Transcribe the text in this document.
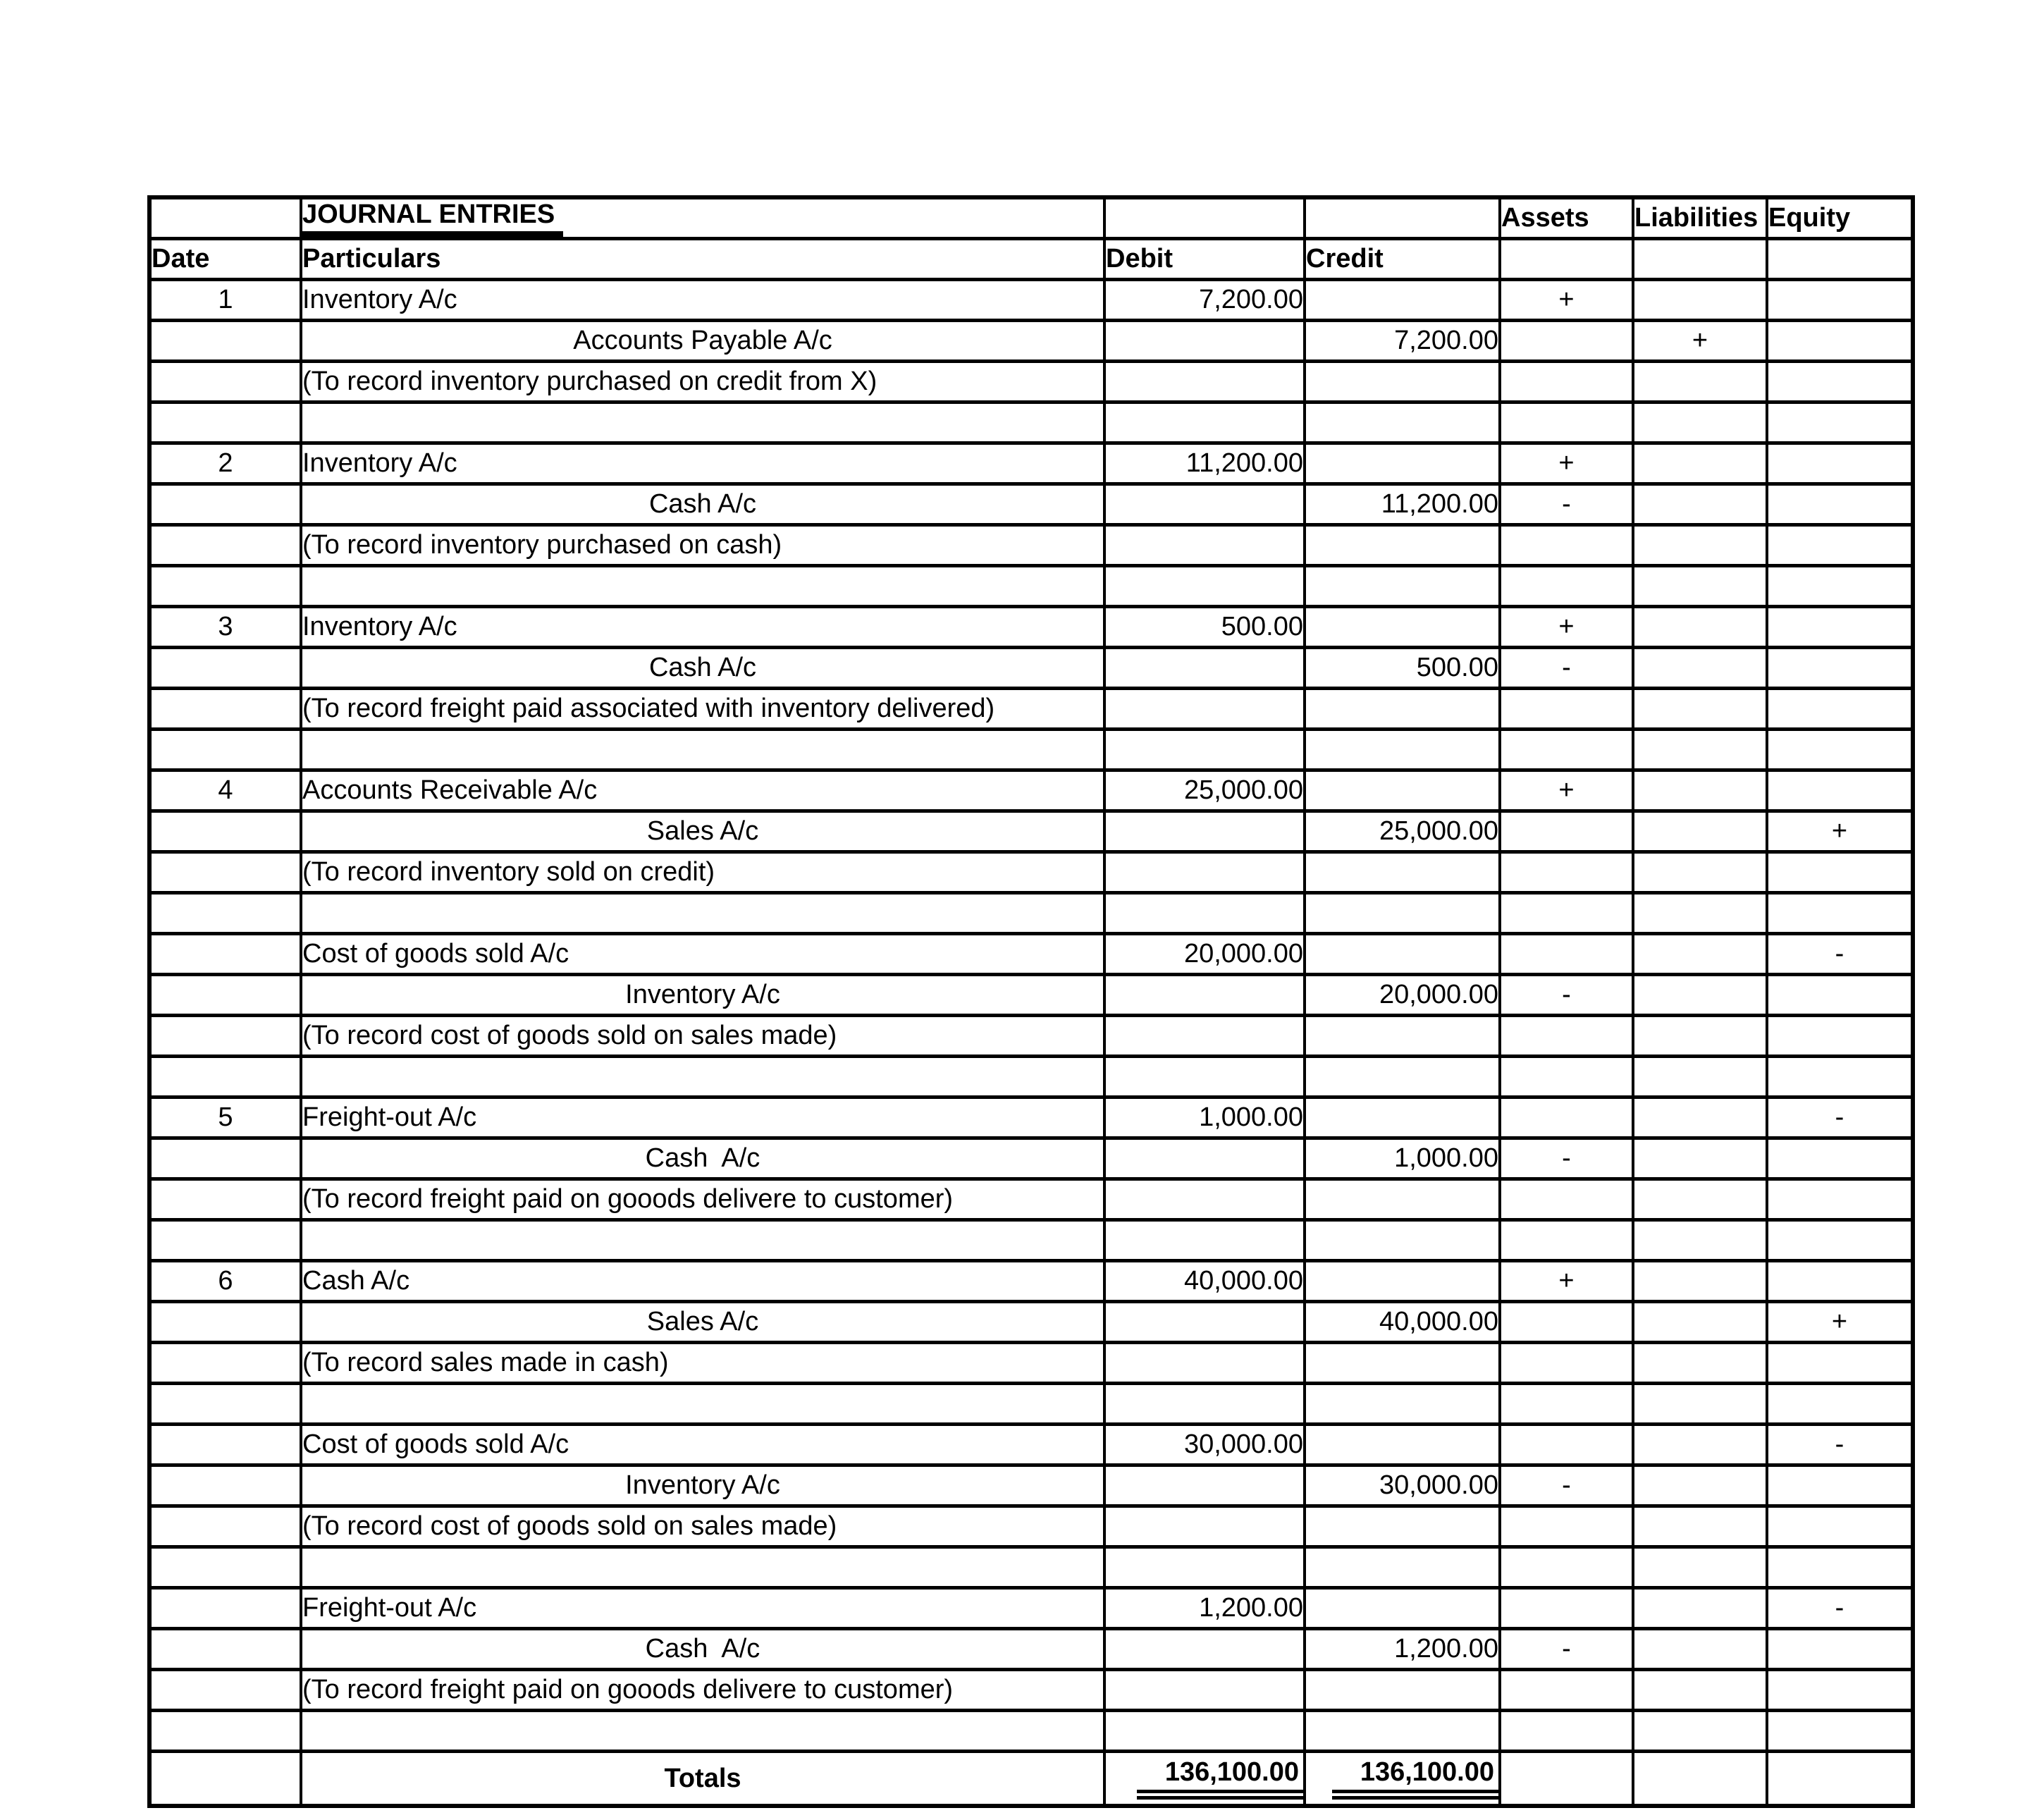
	JOURNAL ENTRIES			Assets	Liabilities	Equity
Date	Particulars	Debit	Credit			
1	Inventory A/c	7,200.00		+		
	Accounts Payable A/c		7,200.00		+	
	(To record inventory purchased on credit from X)					

2	Inventory A/c	11,200.00		+		
	Cash A/c		11,200.00	-		
	(To record inventory purchased on cash)					

3	Inventory A/c	500.00		+		
	Cash A/c		500.00	-		
	(To record freight paid associated with inventory delivered)					

4	Accounts Receivable A/c	25,000.00		+		
	Sales A/c		25,000.00			+
	(To record inventory sold on credit)					

	Cost of goods sold A/c	20,000.00				-
	Inventory A/c		20,000.00	-		
	(To record cost of goods sold on sales made)					

5	Freight-out A/c	1,000.00				-
	Cash  A/c		1,000.00	-		
	(To record freight paid on gooods delivere to customer)					

6	Cash A/c	40,000.00		+		
	Sales A/c		40,000.00			+
	(To record sales made in cash)					

	Cost of goods sold A/c	30,000.00				-
	Inventory A/c		30,000.00	-		
	(To record cost of goods sold on sales made)					

	Freight-out A/c	1,200.00				-
	Cash  A/c		1,200.00	-		
	(To record freight paid on gooods delivere to customer)					

	Totals	136,100.00	136,100.00			
